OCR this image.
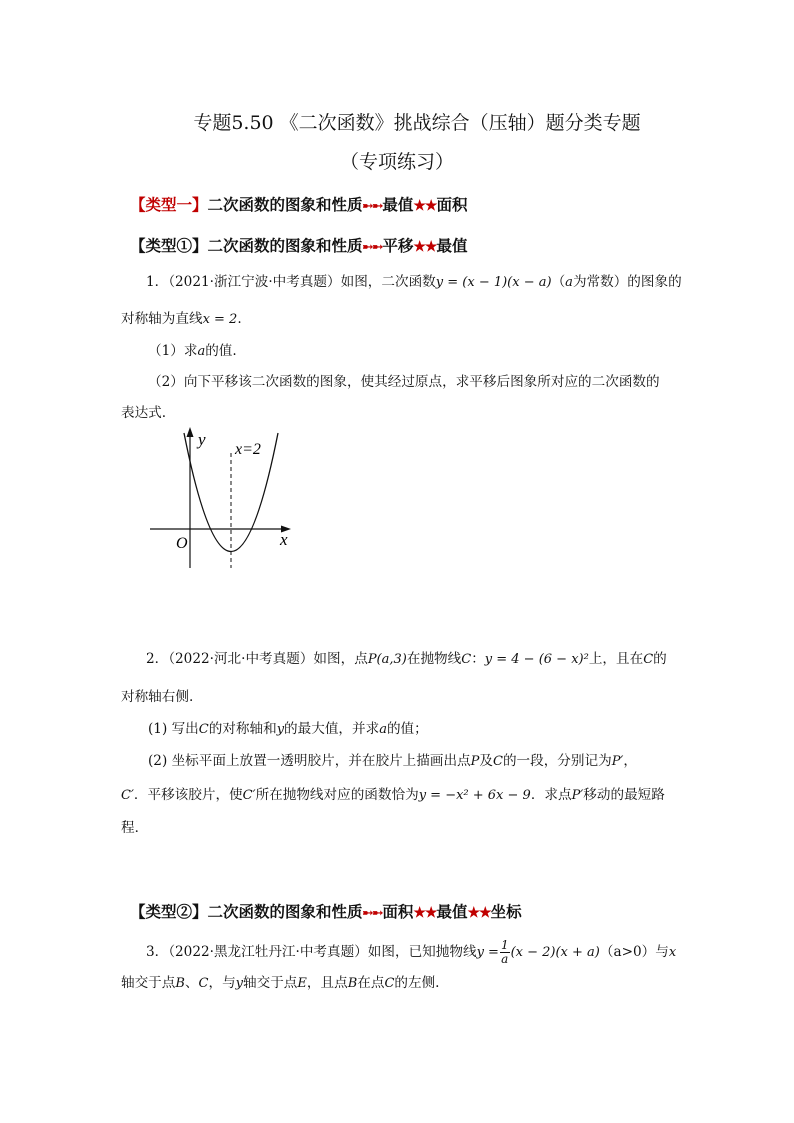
专题5.50 《二次函数》挑战综合（压轴）题分类专题
（专项练习）
【类型一】二次函数的图象和性质➸➸最值★★面积
【类型①】二次函数的图象和性质➸➸平移★★最值
1．（2021·浙江宁波·中考真题）如图，二次函数y = (x − 1)(x − a)（a为常数）的图象的
对称轴为直线x = 2.
（1）求a的值.
（2）向下平移该二次函数的图象，使其经过原点，求平移后图象所对应的二次函数的
表达式.
y
x
O
x=2
2．（2022·河北·中考真题）如图，点P(a,3)在抛物线C：y = 4 − (6 − x)²上，且在C的
对称轴右侧.
(1) 写出C的对称轴和y的最大值，并求a的值；
(2) 坐标平面上放置一透明胶片，并在胶片上描画出点P及C的一段，分别记为P′，
C′．平移该胶片，使C′所在抛物线对应的函数恰为y = −x² + 6x − 9．求点P′移动的最短路
程．
【类型②】二次函数的图象和性质➸➸面积★★最值★★坐标
3．（2022·黑龙江牡丹江·中考真题）如图，已知抛物线$y = \frac{1}{a} (x - 2)(x + a)(a>0)$与x
轴交于点B、C，与y轴交于点E，且点B在点C的左侧.
